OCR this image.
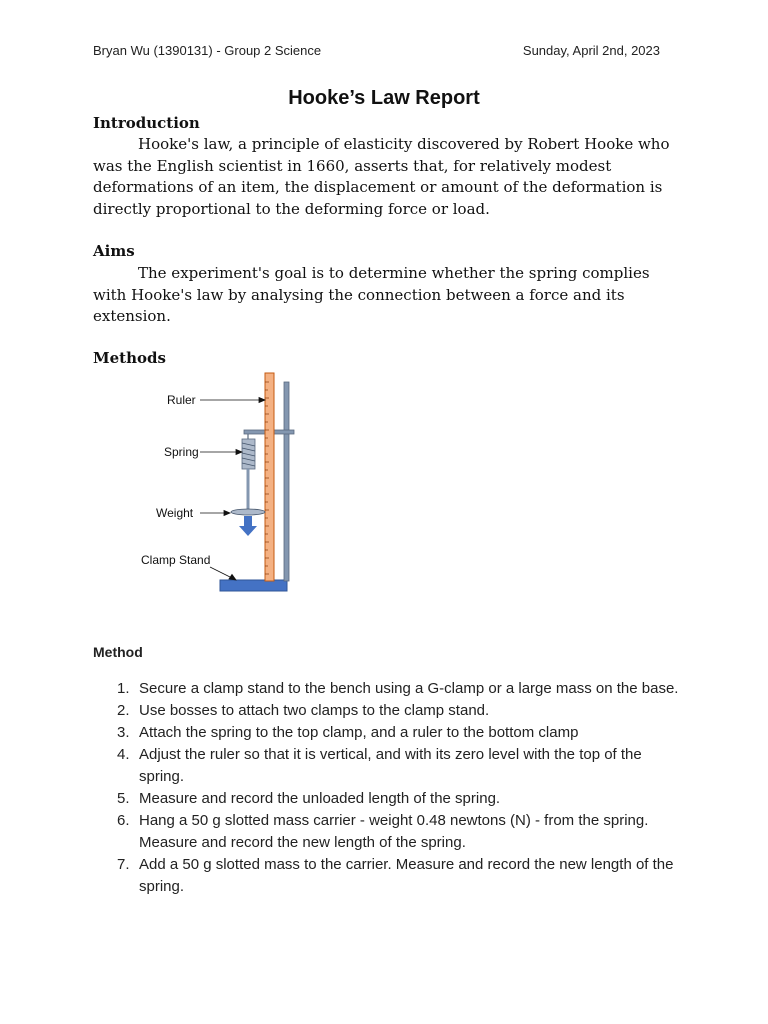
Bryan Wu (1390131) - Group 2 Science	Sunday, April 2nd, 2023
Hooke’s Law Report
Introduction

Hooke's law, a principle of elasticity discovered by Robert Hooke who was the English scientist in 1660, asserts that, for relatively modest deformations of an item, the displacement or amount of the deformation is directly proportional to the deforming force or load.

Aims

The experiment's goal is to determine whether the spring complies with Hooke's law by analysing the connection between a force and its extension.

Methods
Ruler
Spring
Weight
Clamp Stand
Method
1. Secure a clamp stand to the bench using a G-clamp or a large mass on the base.
2. Use bosses to attach two clamps to the clamp stand.
3. Attach the spring to the top clamp, and a ruler to the bottom clamp
4. Adjust the ruler so that it is vertical, and with its zero level with the top of the spring.
5. Measure and record the unloaded length of the spring.
6. Hang a 50 g slotted mass carrier - weight 0.48 newtons (N) - from the spring. Measure and record the new length of the spring.
7. Add a 50 g slotted mass to the carrier. Measure and record the new length of the spring.
